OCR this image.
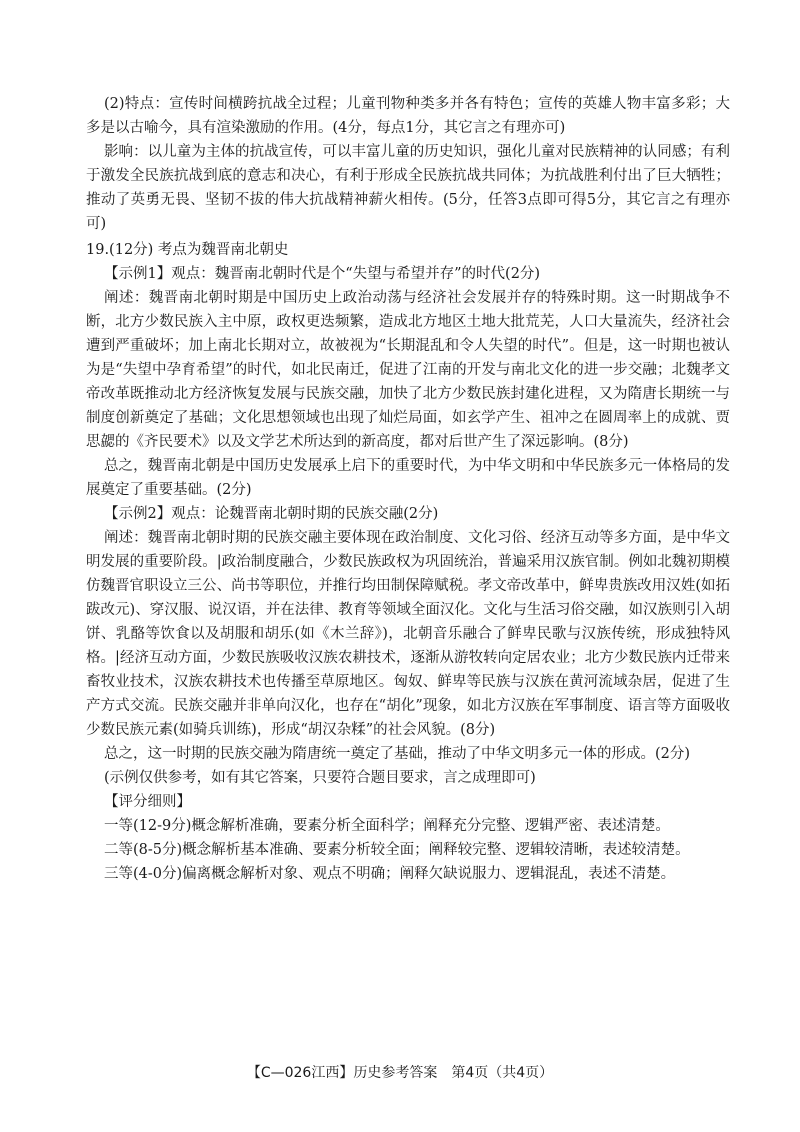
(2)特点：宣传时间横跨抗战全过程；儿童刊物种类多并各有特色；宣传的英雄人物丰富多彩；大多是以古喻今，具有渲染激励的作用。(4分，每点1分，其它言之有理亦可)

影响：以儿童为主体的抗战宣传，可以丰富儿童的历史知识，强化儿童对民族精神的认同感；有利于激发全民族抗战到底的意志和决心，有利于形成全民族抗战共同体；为抗战胜利付出了巨大牺牲；推动了英勇无畏、坚韧不拔的伟大抗战精神薪火相传。(5分，任答3点即可得5分，其它言之有理亦可)

19.(12分) 考点为魏晋南北朝史

【示例1】观点：魏晋南北朝时代是个“失望与希望并存”的时代(2分)

阐述：魏晋南北朝时期是中国历史上政治动荡与经济社会发展并存的特殊时期。这一时期战争不断，北方少数民族入主中原，政权更迭频繁，造成北方地区土地大批荒芜，人口大量流失，经济社会遭到严重破坏；加上南北长期对立，故被视为“长期混乱和令人失望的时代”。但是，这一时期也被认为是“失望中孕育希望”的时代，如北民南迁，促进了江南的开发与南北文化的进一步交融；北魏孝文帝改革既推动北方经济恢复发展与民族交融，加快了北方少数民族封建化进程，又为隋唐长期统一与制度创新奠定了基础；文化思想领域也出现了灿烂局面，如玄学产生、祖冲之在圆周率上的成就、贾思勰的《齐民要术》以及文学艺术所达到的新高度，都对后世产生了深远影响。(8分)

总之，魏晋南北朝是中国历史发展承上启下的重要时代，为中华文明和中华民族多元一体格局的发展奠定了重要基础。(2分)

【示例2】观点：论魏晋南北朝时期的民族交融(2分)

阐述：魏晋南北朝时期的民族交融主要体现在政治制度、文化习俗、经济互动等多方面，是中华文明发展的重要阶段。|政治制度融合，少数民族政权为巩固统治，普遍采用汉族官制。例如北魏初期模仿魏晋官职设立三公、尚书等职位，并推行均田制保障赋税。孝文帝改革中，鲜卑贵族改用汉姓(如拓跋改元)、穿汉服、说汉语，并在法律、教育等领域全面汉化。文化与生活习俗交融，如汉族则引入胡饼、乳酪等饮食以及胡服和胡乐(如《木兰辞》)，北朝音乐融合了鲜卑民歌与汉族传统，形成独特风格。|经济互动方面，少数民族吸收汉族农耕技术，逐渐从游牧转向定居农业；北方少数民族内迁带来畜牧业技术，汉族农耕技术也传播至草原地区。匈奴、鲜卑等民族与汉族在黄河流域杂居，促进了生产方式交流。民族交融并非单向汉化，也存在“胡化”现象，如北方汉族在军事制度、语言等方面吸收少数民族元素(如骑兵训练)，形成“胡汉杂糅”的社会风貌。(8分)

总之，这一时期的民族交融为隋唐统一奠定了基础，推动了中华文明多元一体的形成。(2分)

(示例仅供参考，如有其它答案，只要符合题目要求，言之成理即可)

【评分细则】

一等(12-9分)概念解析准确，要素分析全面科学；阐释充分完整、逻辑严密、表述清楚。

二等(8-5分)概念解析基本准确、要素分析较全面；阐释较完整、逻辑较清晰，表述较清楚。

三等(4-0分)偏离概念解析对象、观点不明确；阐释欠缺说服力、逻辑混乱，表述不清楚。

【C—026江西】历史参考答案　第4页（共4页）
